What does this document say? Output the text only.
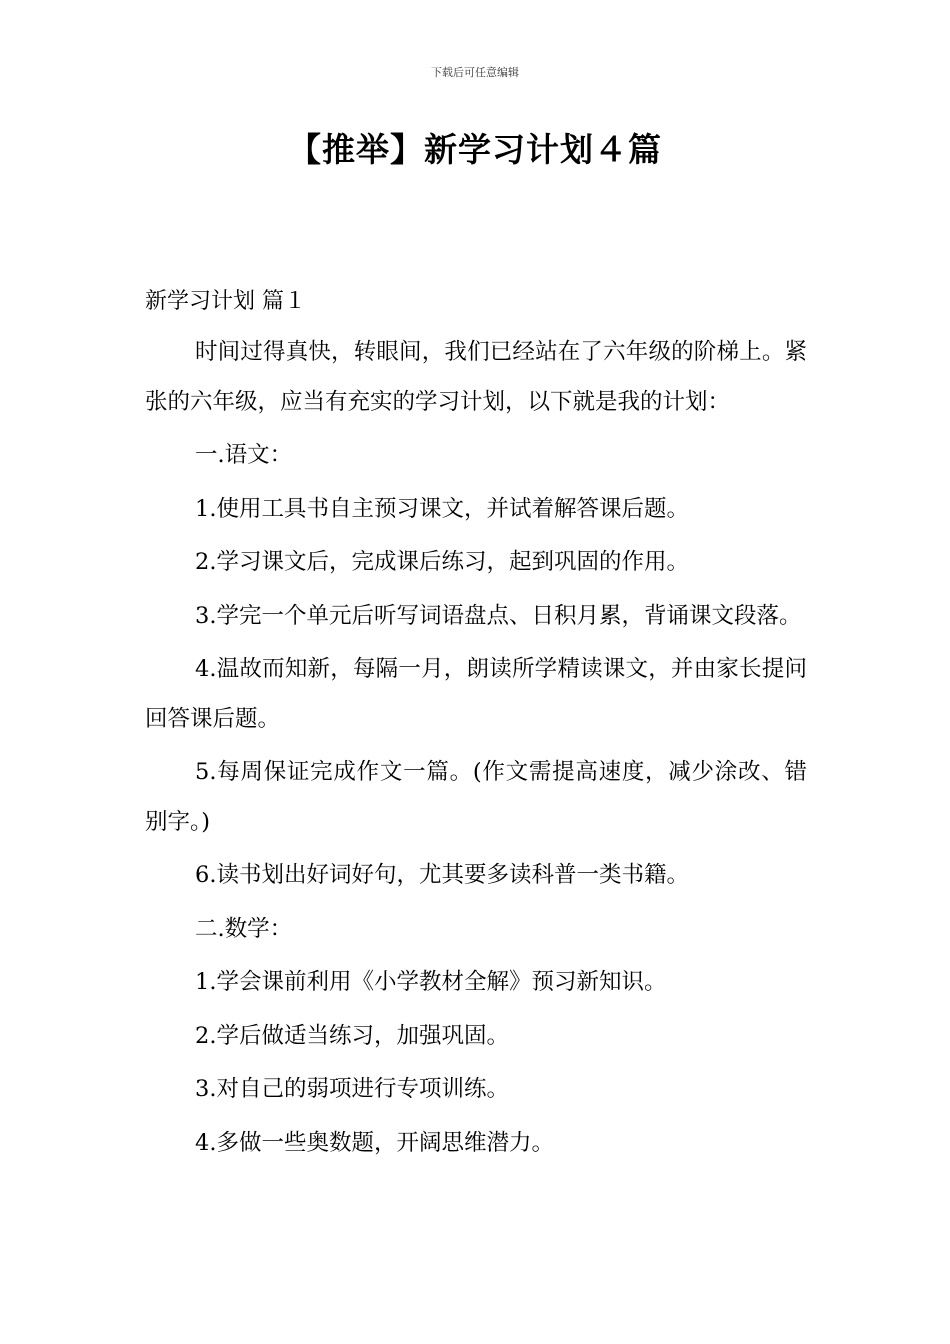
下载后可任意编辑
【推举】新学习计划４篇
新学习计划 篇１

时间过得真快，转眼间，我们已经站在了六年级的阶梯上。紧张的六年级，应当有充实的学习计划，以下就是我的计划：

一.语文：

1.使用工具书自主预习课文，并试着解答课后题。

2.学习课文后，完成课后练习，起到巩固的作用。

3.学完一个单元后听写词语盘点、日积月累，背诵课文段落。

4.温故而知新，每隔一月，朗读所学精读课文，并由家长提问回答课后题。

5.每周保证完成作文一篇。(作文需提高速度，减少涂改、错别字。)

6.读书划出好词好句，尤其要多读科普一类书籍。

二.数学：

1.学会课前利用《小学教材全解》预习新知识。

2.学后做适当练习，加强巩固。

3.对自己的弱项进行专项训练。

4.多做一些奥数题，开阔思维潜力。
